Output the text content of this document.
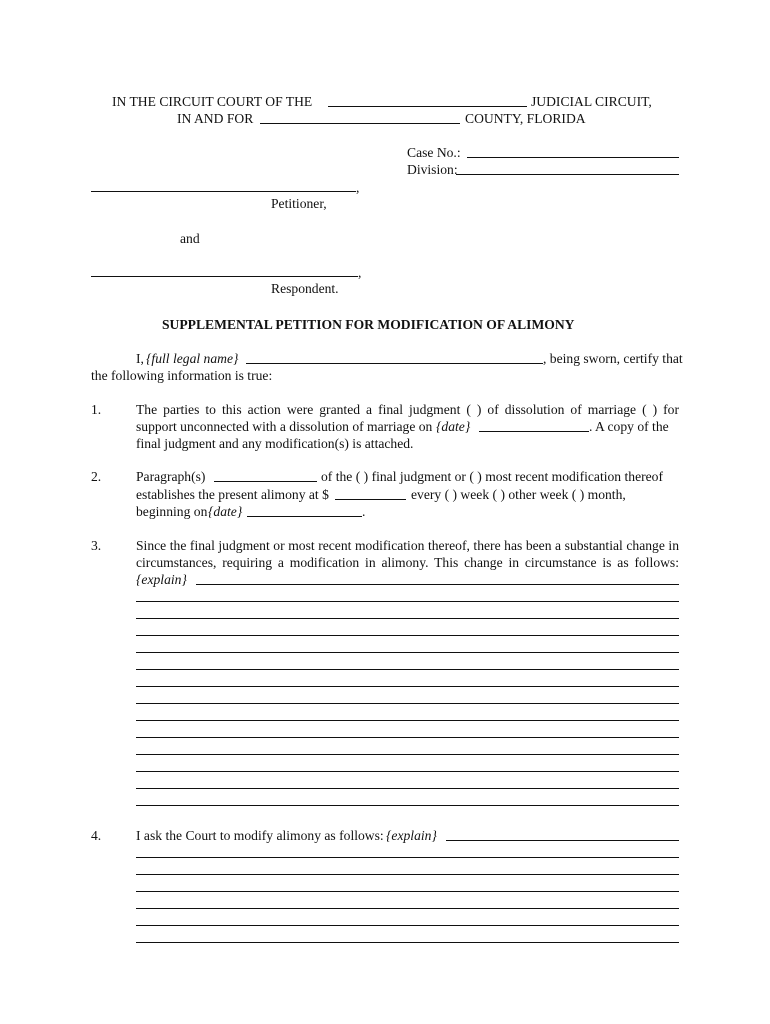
IN THE CIRCUIT COURT OF THE	JUDICIAL CIRCUIT,
IN AND FOR	COUNTY, FLORIDA
Case No.:
Division:
,
Petitioner,
and
,
Respondent.
SUPPLEMENTAL PETITION FOR MODIFICATION OF ALIMONY
I, {full legal name}	, being sworn, certify that
the following information is true:
1.	The parties to this action were granted a final judgment ( ) of dissolution of marriage ( ) for
support unconnected with a dissolution of marriage on {date}	. A copy of the
final judgment and any modification(s) is attached.
2.	Paragraph(s)	of the ( ) final judgment or ( ) most recent modification thereof
establishes the present alimony at $	every ( ) week ( ) other week ( ) month,
beginning on {date}	.
3.	Since the final judgment or most recent modification thereof, there has been a substantial change in
circumstances, requiring a modification in alimony. This change in circumstance is as follows:
{explain}
4.	I ask the Court to modify alimony as follows: {explain}
